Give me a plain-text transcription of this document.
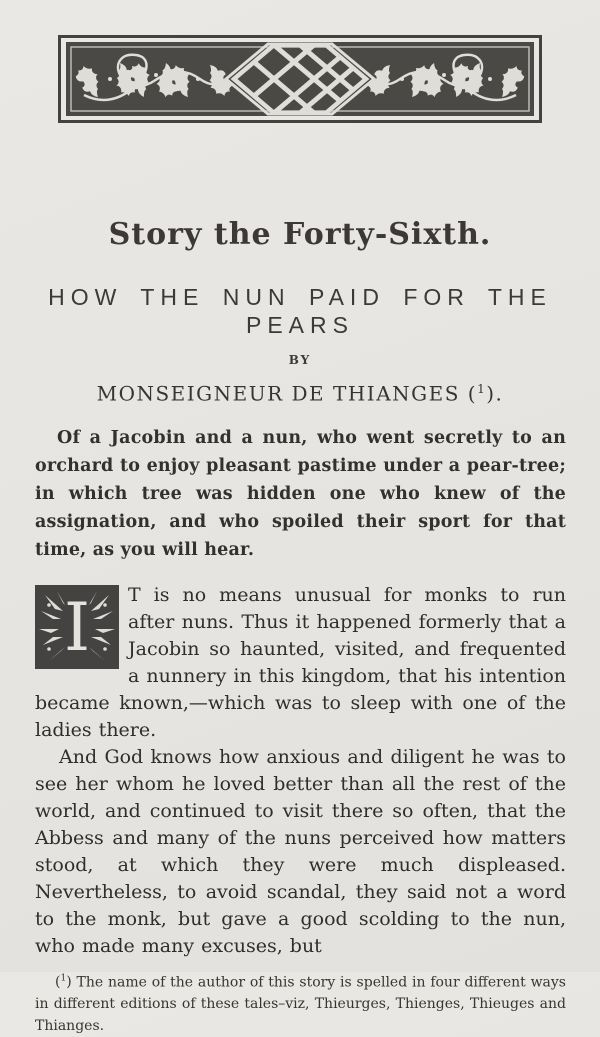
Story the Forty-Sixth.
HOW THE NUN PAID FOR THE PEARS
BY
MONSEIGNEUR DE THIANGES ($^1$).

Of a Jacobin and a nun, who went secretly to an orchard to enjoy pleasant pastime under a pear-tree; in which tree was hidden one who knew of the assignation, and who spoiled their sport for that time, as you will hear.

I	T is no means unusual for monks to run after nuns. Thus it happened formerly that a Jacobin so haunted, visited, and frequented a nunnery in this kingdom, that his intention became known,—which was to sleep with one of the ladies there.

And God knows how anxious and diligent he was to see her whom he loved better than all the rest of the world, and continued to visit there so often, that the Abbess and many of the nuns perceived how matters stood, at which they were much displeased. Nevertheless, to avoid scandal, they said not a word to the monk, but gave a good scolding to the nun, who made many excuses, but

($^1$) The name of the author of this story is spelled in four different ways in different editions of these tales–viz, Thieurges, Thienges, Thieuges and Thianges.
